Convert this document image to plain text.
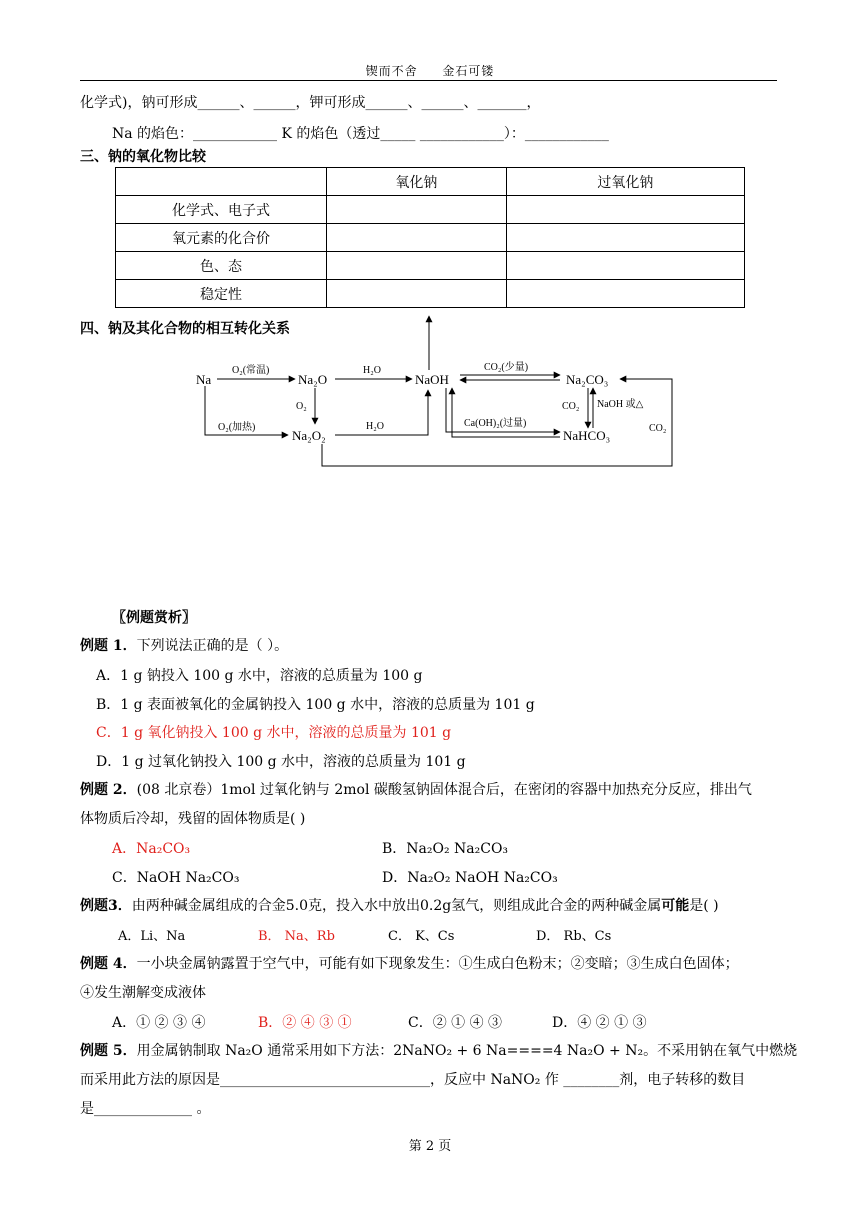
锲而不舍 金石可镂
化学式)，钠可形成______、______，钾可形成______、______、_______，
Na 的焰色：____________ K 的焰色（透过_____ ____________）：____________
三、钠的氧化物比较
	氧化钠	过氧化钠
化学式、电子式		
氧元素的化合价		
色、态		
稳定性		
四、钠及其化合物的相互转化关系
Na	Na₂O	NaOH	Na₂CO₃
Na₂O₂	NaHCO₃
O₂(常温)
O₂(加热)
O₂
H₂O
H₂O
CO₂(少量)
Ca(OH)₂(过量)
CO₂ NaOH 或△
CO₂
〖例题赏析〗
例题 1．下列说法正确的是（ ）。
A．1 g 钠投入 100 g 水中，溶液的总质量为 100 g
B．1 g 表面被氧化的金属钠投入 100 g 水中，溶液的总质量为 101 g
C．1 g 氧化钠投入 100 g 水中，溶液的总质量为 101 g
D．1 g 过氧化钠投入 100 g 水中，溶液的总质量为 101 g
例题 2．(08 北京卷）1mol 过氧化钠与 2mol 碳酸氢钠固体混合后，在密闭的容器中加热充分反应，排出气
体物质后冷却，残留的固体物质是( )
A．Na₂CO₃	B．Na₂O₂ Na₂CO₃
C．NaOH Na₂CO₃	D．Na₂O₂ NaOH Na₂CO₃
例题3．由两种碱金属组成的合金5.0克，投入水中放出0.2g氢气，则组成此合金的两种碱金属可能是( )
A．Li、Na	B． Na、Rb	C． K、Cs	D． Rb、Cs
例题 4．一小块金属钠露置于空气中，可能有如下现象发生：①生成白色粉末；②变暗；③生成白色固体；
④发生潮解变成液体
A．① ② ③ ④	B．② ④ ③ ①	C．② ① ④ ③	D．④ ② ① ③
例题 5．用金属钠制取 Na₂O 通常采用如下方法：2NaNO₂ + 6 Na====4 Na₂O + N₂。不采用钠在氧气中燃烧
而采用此方法的原因是______________________________，反应中 NaNO₂ 作 ________剂，电子转移的数目
是______________ 。
第 2 页
